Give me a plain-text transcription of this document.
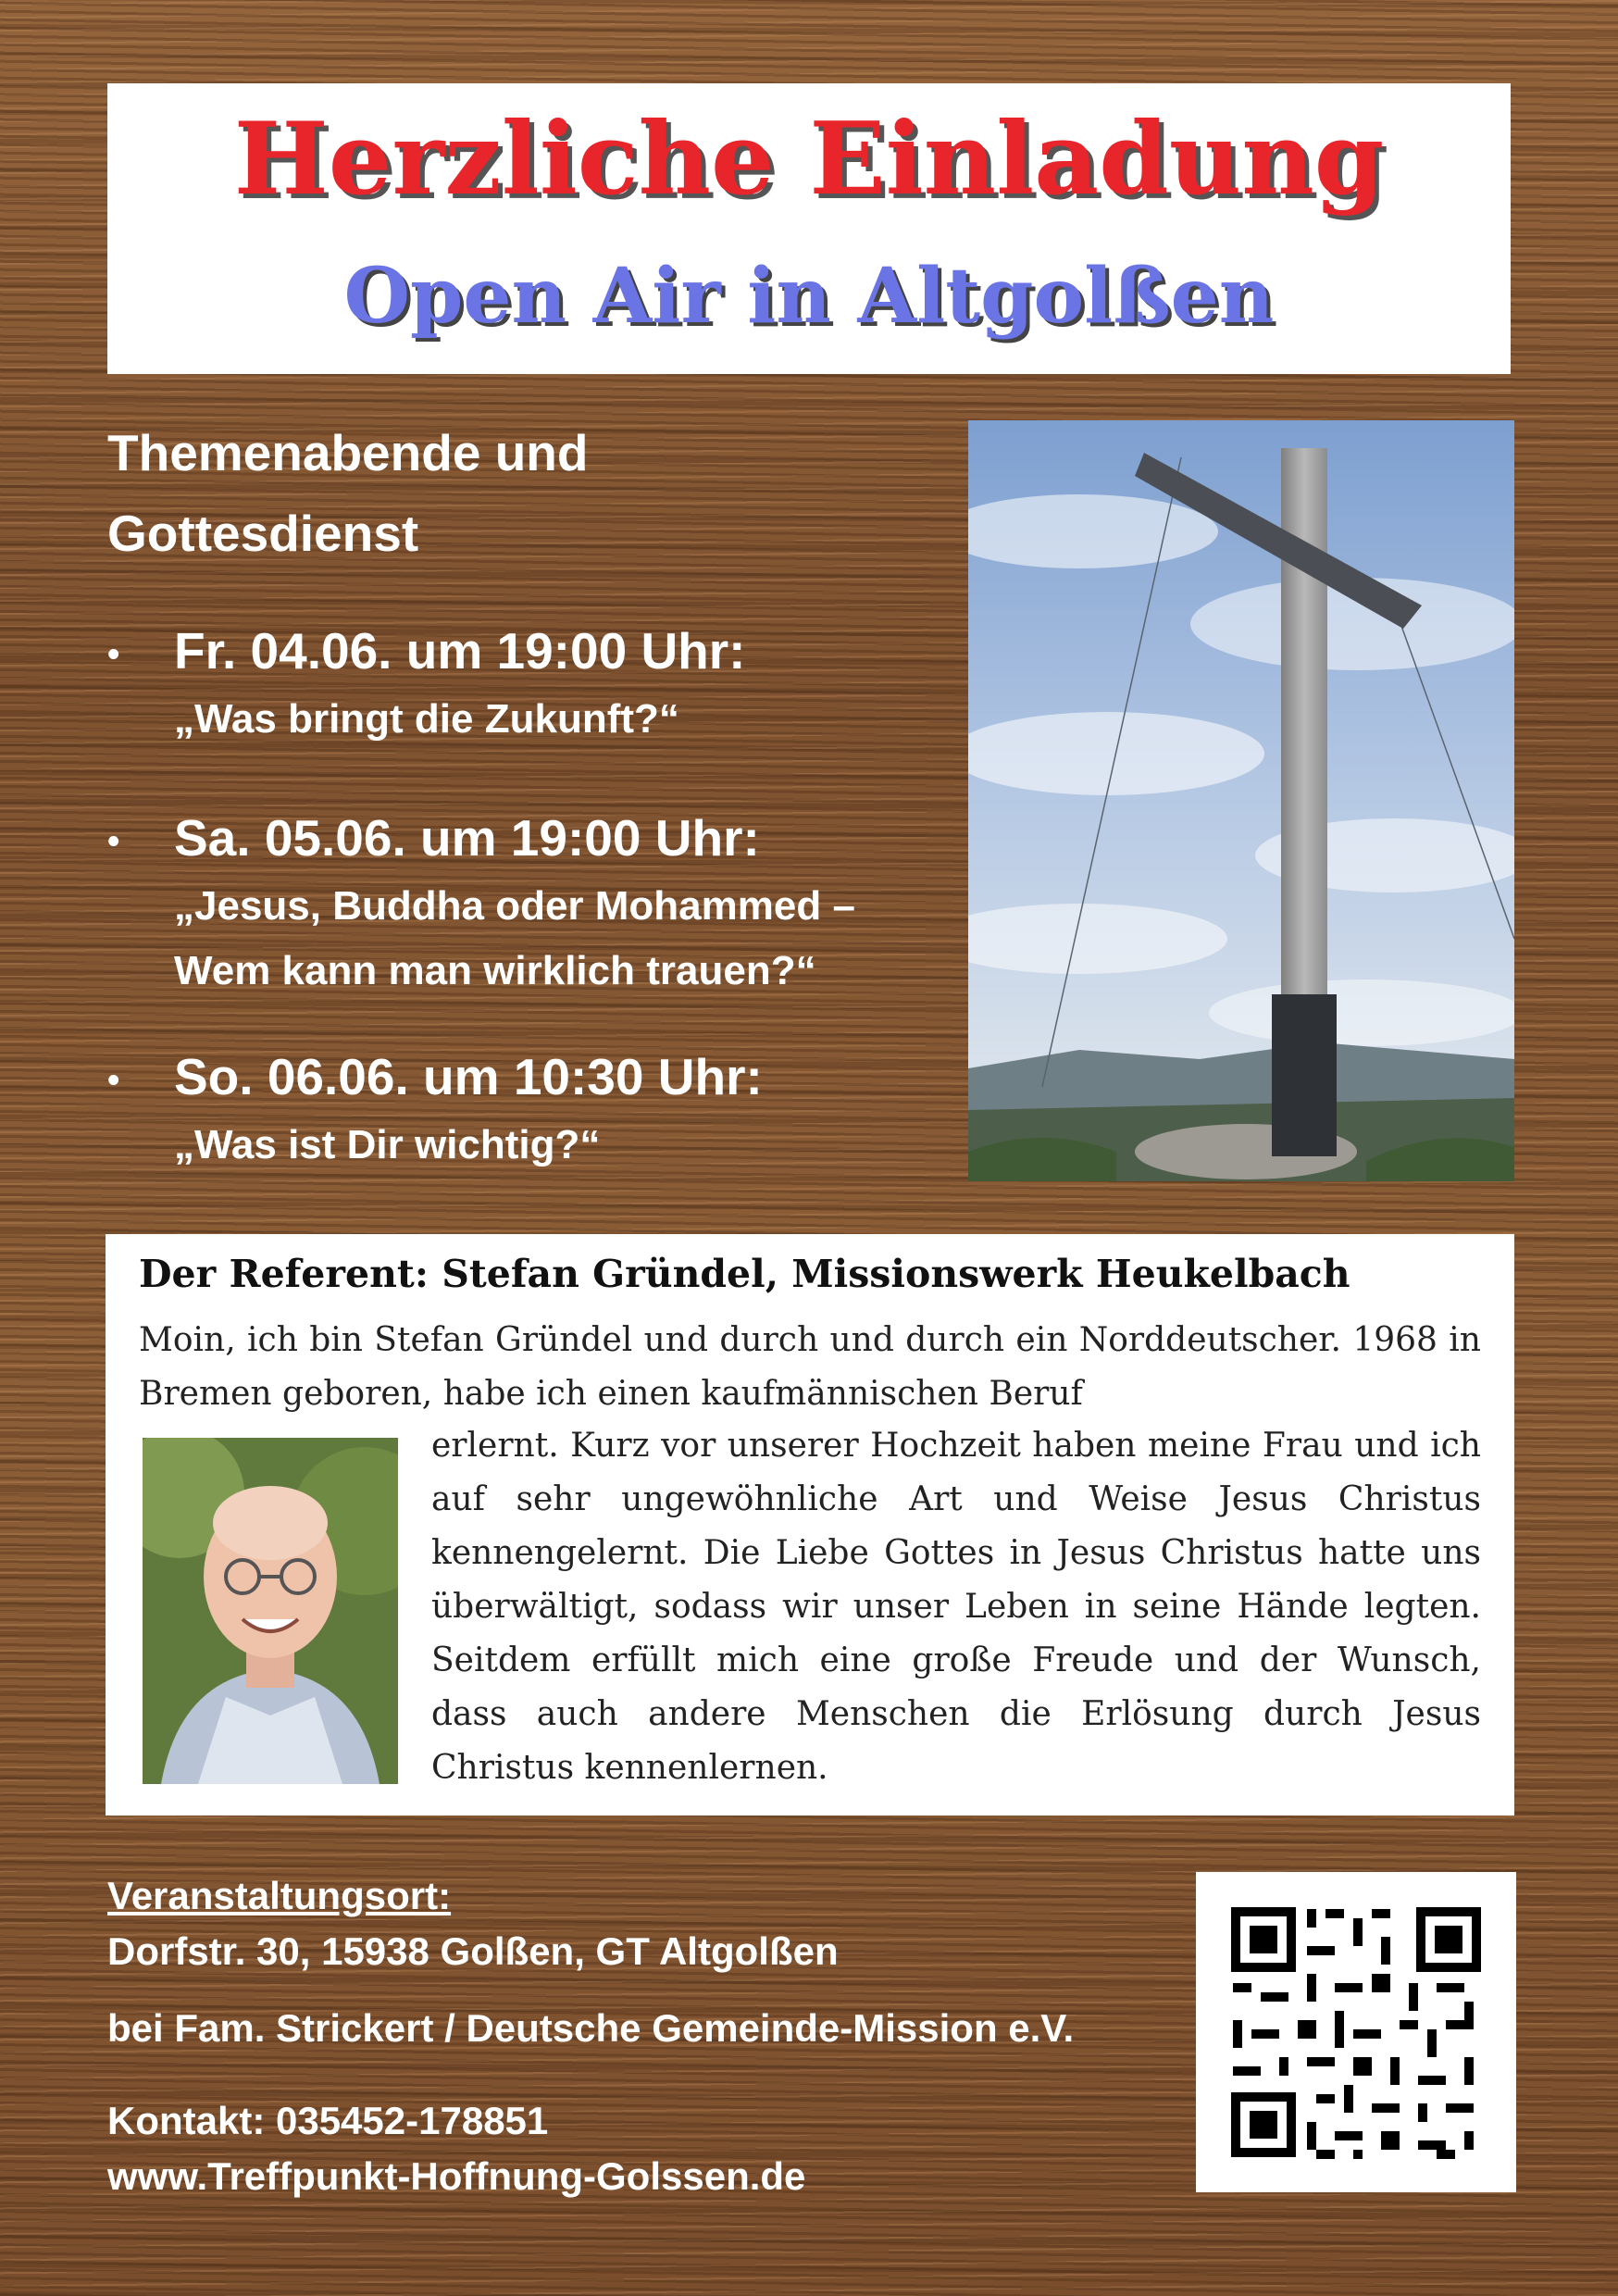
Herzliche Einladung
Open Air in Altgolßen
Themenabende und
Gottesdienst
• Fr. 04.06. um 19:00 Uhr:
„Was bringt die Zukunft?“
• Sa. 05.06. um 19:00 Uhr:
„Jesus, Buddha oder Mohammed –
Wem kann man wirklich trauen?“
• So. 06.06. um 10:30 Uhr:
„Was ist Dir wichtig?“
Der Referent: Stefan Gründel, Missionswerk Heukelbach
Moin, ich bin Stefan Gründel und durch und durch ein Norddeutscher. 1968 in Bremen geboren, habe ich einen kaufmännischen Beruf
erlernt. Kurz vor unserer Hochzeit haben meine Frau und ich auf sehr ungewöhnliche Art und Weise Jesus Christus kennengelernt. Die Liebe Gottes in Jesus Christus hatte uns überwältigt, sodass wir unser Leben in seine Hände legten. Seitdem erfüllt mich eine große Freude und der Wunsch, dass auch andere Menschen die Erlösung durch Jesus Christus kennenlernen.
Veranstaltungsort:
Dorfstr. 30, 15938 Golßen, GT Altgolßen
bei Fam. Strickert / Deutsche Gemeinde-Mission e.V.
Kontakt: 035452-178851
www.Treffpunkt-Hoffnung-Golssen.de
